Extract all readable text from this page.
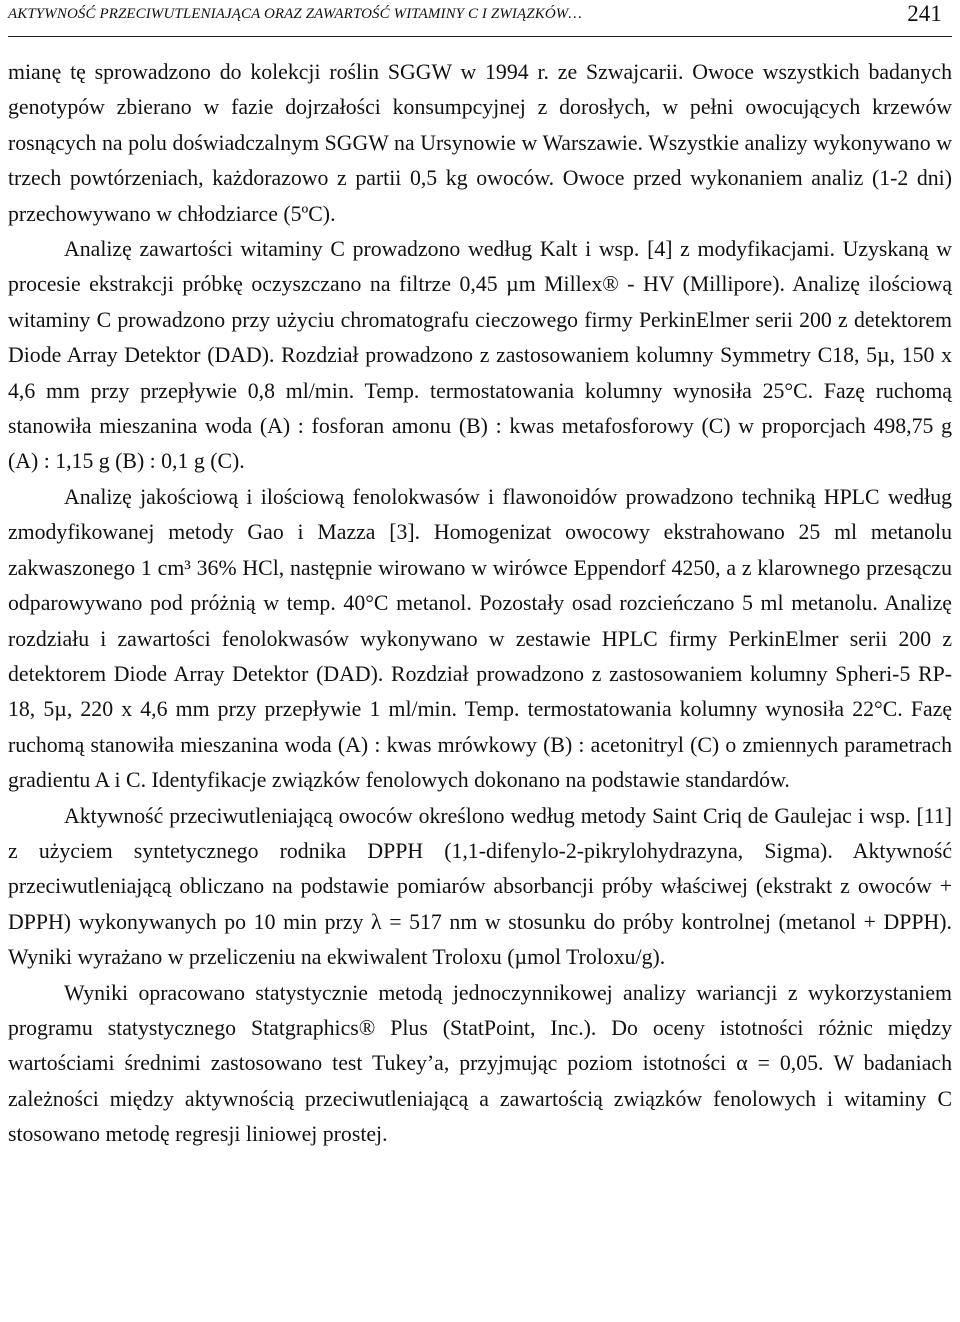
AKTYWNOŚĆ PRZECIWUTLENIAJĄCA ORAZ ZAWARTOŚĆ WITAMINY C I ZWIĄZKÓW…	241

mianę tę sprowadzono do kolekcji roślin SGGW w 1994 r. ze Szwajcarii. Owoce wszystkich badanych genotypów zbierano w fazie dojrzałości konsumpcyjnej z dorosłych, w pełni owocujących krzewów rosnących na polu doświadczalnym SGGW na Ursynowie w Warszawie. Wszystkie analizy wykonywano w trzech powtórzeniach, każdorazowo z partii 0,5 kg owoców. Owoce przed wykonaniem analiz (1-2 dni) przechowywano w chłodziarce (5ºC).

Analizę zawartości witaminy C prowadzono według Kalt i wsp. [4] z modyfikacjami. Uzyskaną w procesie ekstrakcji próbkę oczyszczano na filtrze 0,45 µm Millex® - HV (Millipore). Analizę ilościową witaminy C prowadzono przy użyciu chromatografu cieczowego firmy PerkinElmer serii 200 z detektorem Diode Array Detektor (DAD). Rozdział prowadzono z zastosowaniem kolumny Symmetry C18, 5µ, 150 x 4,6 mm przy przepływie 0,8 ml/min. Temp. termostatowania kolumny wynosiła 25°C. Fazę ruchomą stanowiła mieszanina woda (A) : fosforan amonu (B) : kwas metafosforowy (C) w proporcjach 498,75 g (A) : 1,15 g (B) : 0,1 g (C).

Analizę jakościową i ilościową fenolokwasów i flawonoidów prowadzono techniką HPLC według zmodyfikowanej metody Gao i Mazza [3]. Homogenizat owocowy ekstrahowano 25 ml metanolu zakwaszonego 1 cm³ 36% HCl, następnie wirowano w wirówce Eppendorf 4250, a z klarownego przesączu odparowywano pod próżnią w temp. 40°C metanol. Pozostały osad rozcieńczano 5 ml metanolu. Analizę rozdziału i zawartości fenolokwasów wykonywano w zestawie HPLC firmy PerkinElmer serii 200 z detektorem Diode Array Detektor (DAD). Rozdział prowadzono z zastosowaniem kolumny Spheri-5 RP-18, 5µ, 220 x 4,6 mm przy przepływie 1 ml/min. Temp. termostatowania kolumny wynosiła 22°C. Fazę ruchomą stanowiła mieszanina woda (A) : kwas mrówkowy (B) : acetonitryl (C) o zmiennych parametrach gradientu A i C. Identyfikacje związków fenolowych dokonano na podstawie standardów.

Aktywność przeciwutleniającą owoców określono według metody Saint Criq de Gaulejac i wsp. [11] z użyciem syntetycznego rodnika DPPH (1,1-difenylo-2-pikrylohydrazyna, Sigma). Aktywność przeciwutleniającą obliczano na podstawie pomiarów absorbancji próby właściwej (ekstrakt z owoców + DPPH) wykonywanych po 10 min przy λ = 517 nm w stosunku do próby kontrolnej (metanol + DPPH). Wyniki wyrażano w przeliczeniu na ekwiwalent Troloxu (µmol Troloxu/g).

Wyniki opracowano statystycznie metodą jednoczynnikowej analizy wariancji z wykorzystaniem programu statystycznego Statgraphics® Plus (StatPoint, Inc.). Do oceny istotności różnic między wartościami średnimi zastosowano test Tukey’a, przyjmując poziom istotności α = 0,05. W badaniach zależności między aktywnością przeciwutleniającą a zawartością związków fenolowych i witaminy C stosowano metodę regresji liniowej prostej.
